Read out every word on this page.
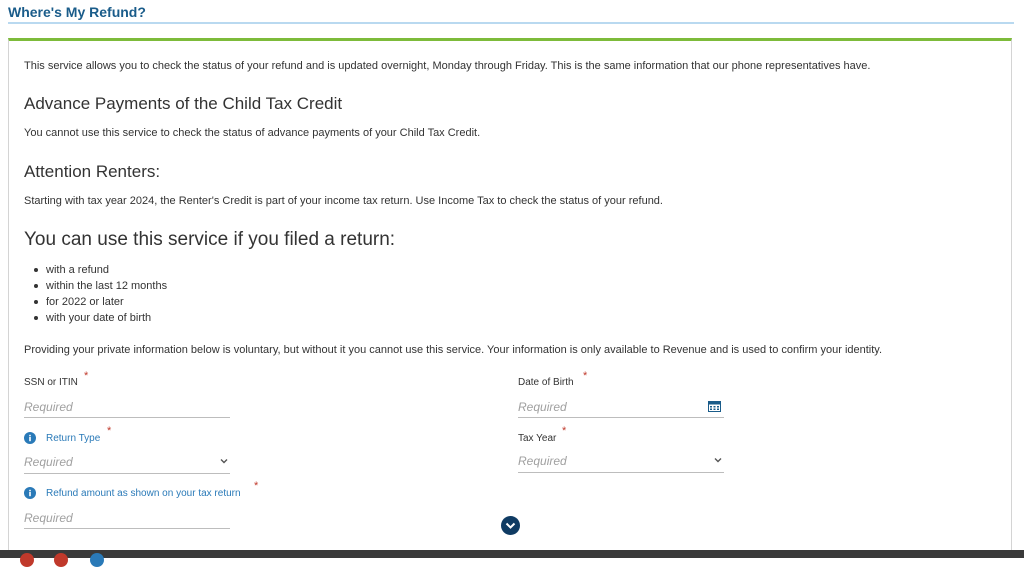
Where's My Refund?
This service allows you to check the status of your refund and is updated overnight, Monday through Friday. This is the same information that our phone representatives have.
Advance Payments of the Child Tax Credit
You cannot use this service to check the status of advance payments of your Child Tax Credit.
Attention Renters:
Starting with tax year 2024, the Renter's Credit is part of your income tax return. Use Income Tax to check the status of your refund.
You can use this service if you filed a return:
with a refund
within the last 12 months
for 2022 or later
with your date of birth
Providing your private information below is voluntary, but without it you cannot use this service. Your information is only available to Revenue and is used to confirm your identity.
SSN or ITIN
*
Required
Date of Birth
*
Required
Return Type
*
Required
Tax Year
*
Required
Refund amount as shown on your tax return
*
Required
